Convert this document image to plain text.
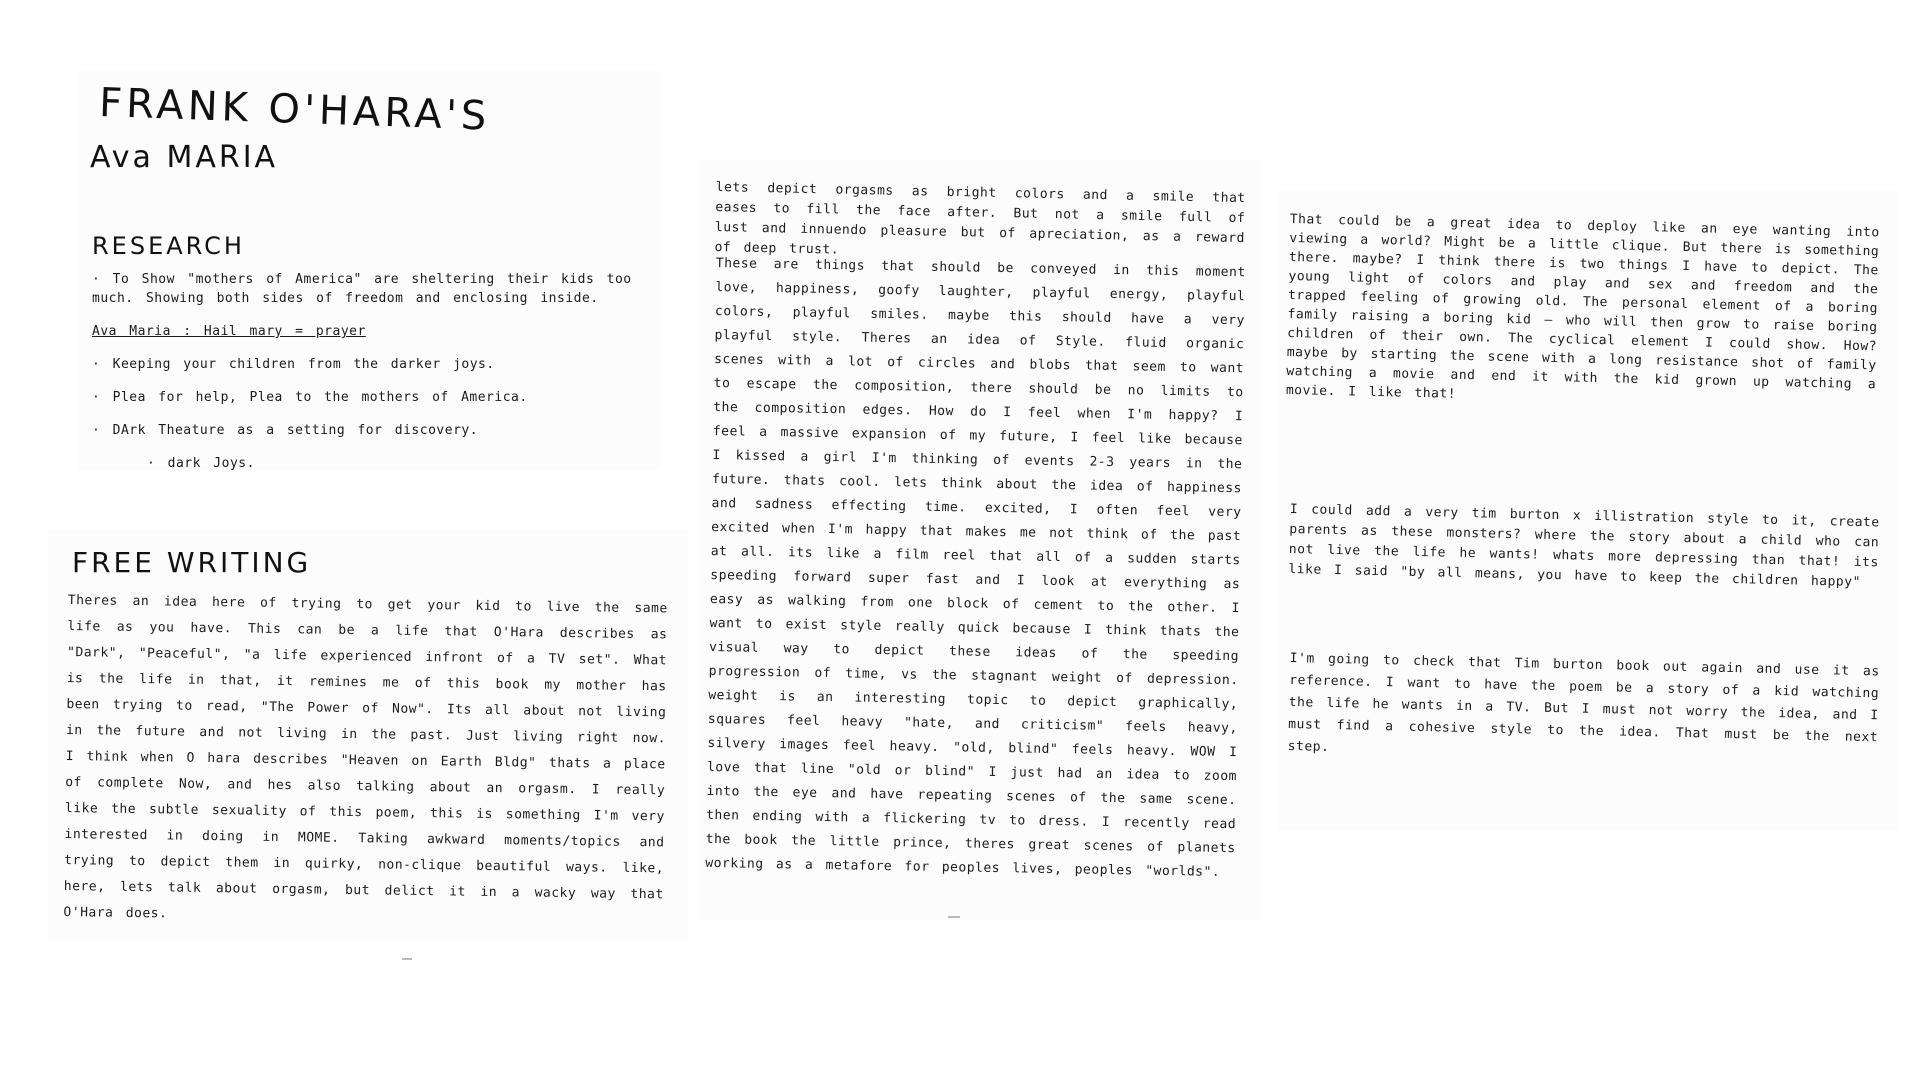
FRANK O'HARA'S
Ava MARIA
RESEARCH
· To Show "mothers of America" are sheltering their kids too much. Showing both sides of freedom and enclosing inside.
Ava Maria : Hail mary = prayer
· Keeping your children from the darker joys.
· Plea for help, Plea to the mothers of America.
· DArk Theature as a setting for discovery.
· dark Joys.
FREE WRITING

Theres an idea here of trying to get your kid to live the same life as you have. This can be a life that O'Hara describes as "Dark", "Peaceful", "a life experienced infront of a TV set". What is the life in that, it remines me of this book my mother has been trying to read, "The Power of Now". Its all about not living in the future and not living in the past. Just living right now. I think when O hara describes "Heaven on Earth Bldg" thats a place of complete Now, and hes also talking about an orgasm. I really like the subtle sexuality of this poem, this is something I'm very interested in doing in MOME. Taking awkward moments/topics and trying to depict them in quirky, non-clique beautiful ways. like, here, lets talk about orgasm, but delict it in a wacky way that O'Hara does.

lets depict orgasms as bright colors and a smile that eases to fill the face after. But not a smile full of lust and innuendo pleasure but of apreciation, as a reward of deep trust.

These are things that should be conveyed in this moment love, happiness, goofy laughter, playful energy, playful colors, playful smiles. maybe this should have a very playful style. Theres an idea of Style. fluid organic scenes with a lot of circles and blobs that seem to want to escape the composition, there should be no limits to the composition edges. How do I feel when I'm happy? I feel a massive expansion of my future, I feel like because I kissed a girl I'm thinking of events 2-3 years in the future. thats cool. lets think about the idea of happiness and sadness effecting time. excited, I often feel very excited when I'm happy that makes me not think of the past at all. its like a film reel that all of a sudden starts speeding forward super fast and I look at everything as easy as walking from one block of cement to the other. I want to exist style really quick because I think thats the visual way to depict these ideas of the speeding progression of time, vs the stagnant weight of depression. weight is an interesting topic to depict graphically, squares feel heavy "hate, and criticism" feels heavy, silvery images feel heavy. "old, blind" feels heavy. WOW I love that line "old or blind" I just had an idea to zoom into the eye and have repeating scenes of the same scene. then ending with a flickering tv to dress. I recently read the book the little prince, theres great scenes of planets working as a metafore for peoples lives, peoples "worlds".

That could be a great idea to deploy like an eye wanting into viewing a world? Might be a little clique. But there is something there. maybe? I think there is two things I have to depict. The young light of colors and play and sex and freedom and the trapped feeling of growing old. The personal element of a boring family raising a boring kid — who will then grow to raise boring children of their own. The cyclical element I could show. How? maybe by starting the scene with a long resistance shot of family watching a movie and end it with the kid grown up watching a movie. I like that!

I could add a very tim burton x illistration style to it, create parents as these monsters? where the story about a child who can not live the life he wants! whats more depressing than that! its like I said "by all means, you have to keep the children happy"

I'm going to check that Tim burton book out again and use it as reference. I want to have the poem be a story of a kid watching the life he wants in a TV. But I must not worry the idea, and I must find a cohesive style to the idea. That must be the next step.
